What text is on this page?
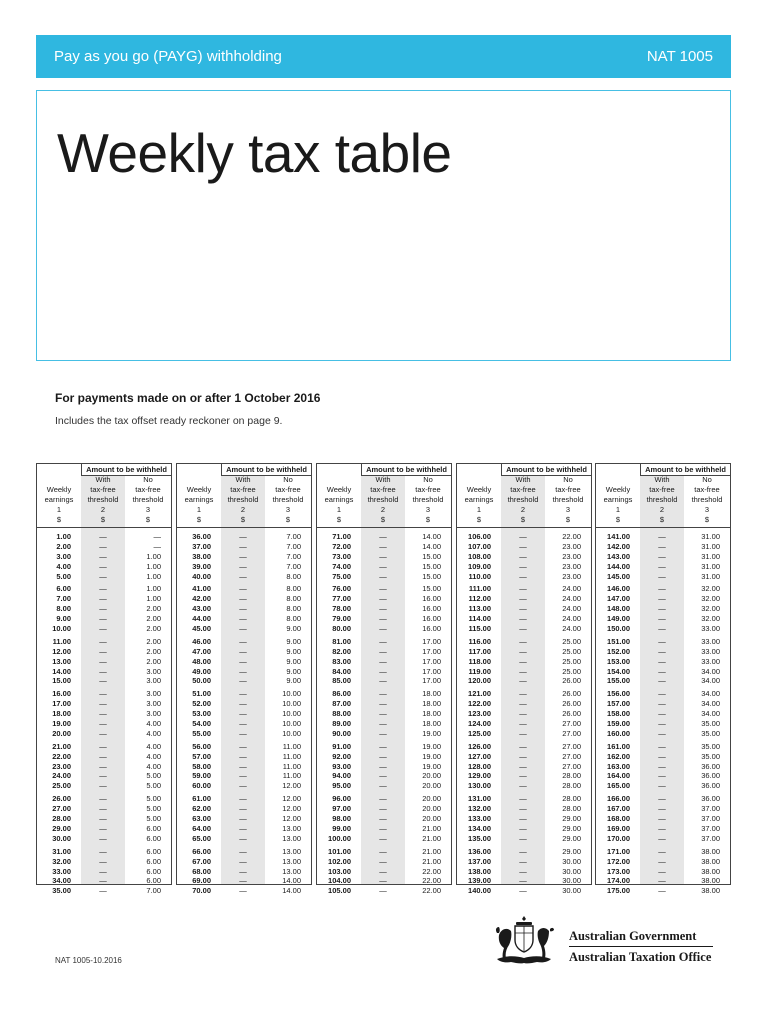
Pay as you go (PAYG) withholding	NAT 1005
Weekly tax table
For payments made on or after 1 October 2016
Includes the tax offset ready reckoner on page 9.
Amount to be withheld
Weekly
earnings
1
$
With
tax-free
threshold
2
$
No
tax-free
threshold
3
$
1.00	—	—
2.00	—	—
3.00	—	1.00
4.00	—	1.00
5.00	—	1.00
6.00	—	1.00
7.00	—	1.00
8.00	—	2.00
9.00	—	2.00
10.00	—	2.00
11.00	—	2.00
12.00	—	2.00
13.00	—	2.00
14.00	—	3.00
15.00	—	3.00
16.00	—	3.00
17.00	—	3.00
18.00	—	3.00
19.00	—	4.00
20.00	—	4.00
21.00	—	4.00
22.00	—	4.00
23.00	—	4.00
24.00	—	5.00
25.00	—	5.00
26.00	—	5.00
27.00	—	5.00
28.00	—	5.00
29.00	—	6.00
30.00	—	6.00
31.00	—	6.00
32.00	—	6.00
33.00	—	6.00
34.00	—	6.00
35.00	—	7.00
Amount to be withheld
Weekly
earnings
1
$
With
tax-free
threshold
2
$
No
tax-free
threshold
3
$
36.00	—	7.00
37.00	—	7.00
38.00	—	7.00
39.00	—	7.00
40.00	—	8.00
41.00	—	8.00
42.00	—	8.00
43.00	—	8.00
44.00	—	8.00
45.00	—	9.00
46.00	—	9.00
47.00	—	9.00
48.00	—	9.00
49.00	—	9.00
50.00	—	9.00
51.00	—	10.00
52.00	—	10.00
53.00	—	10.00
54.00	—	10.00
55.00	—	10.00
56.00	—	11.00
57.00	—	11.00
58.00	—	11.00
59.00	—	11.00
60.00	—	12.00
61.00	—	12.00
62.00	—	12.00
63.00	—	12.00
64.00	—	13.00
65.00	—	13.00
66.00	—	13.00
67.00	—	13.00
68.00	—	13.00
69.00	—	14.00
70.00	—	14.00
Amount to be withheld
Weekly
earnings
1
$
With
tax-free
threshold
2
$
No
tax-free
threshold
3
$
71.00	—	14.00
72.00	—	14.00
73.00	—	15.00
74.00	—	15.00
75.00	—	15.00
76.00	—	15.00
77.00	—	16.00
78.00	—	16.00
79.00	—	16.00
80.00	—	16.00
81.00	—	17.00
82.00	—	17.00
83.00	—	17.00
84.00	—	17.00
85.00	—	17.00
86.00	—	18.00
87.00	—	18.00
88.00	—	18.00
89.00	—	18.00
90.00	—	19.00
91.00	—	19.00
92.00	—	19.00
93.00	—	19.00
94.00	—	20.00
95.00	—	20.00
96.00	—	20.00
97.00	—	20.00
98.00	—	20.00
99.00	—	21.00
100.00	—	21.00
101.00	—	21.00
102.00	—	21.00
103.00	—	22.00
104.00	—	22.00
105.00	—	22.00
Amount to be withheld
Weekly
earnings
1
$
With
tax-free
threshold
2
$
No
tax-free
threshold
3
$
106.00	—	22.00
107.00	—	23.00
108.00	—	23.00
109.00	—	23.00
110.00	—	23.00
111.00	—	24.00
112.00	—	24.00
113.00	—	24.00
114.00	—	24.00
115.00	—	24.00
116.00	—	25.00
117.00	—	25.00
118.00	—	25.00
119.00	—	25.00
120.00	—	26.00
121.00	—	26.00
122.00	—	26.00
123.00	—	26.00
124.00	—	27.00
125.00	—	27.00
126.00	—	27.00
127.00	—	27.00
128.00	—	27.00
129.00	—	28.00
130.00	—	28.00
131.00	—	28.00
132.00	—	28.00
133.00	—	29.00
134.00	—	29.00
135.00	—	29.00
136.00	—	29.00
137.00	—	30.00
138.00	—	30.00
139.00	—	30.00
140.00	—	30.00
Amount to be withheld
Weekly
earnings
1
$
With
tax-free
threshold
2
$
No
tax-free
threshold
3
$
141.00	—	31.00
142.00	—	31.00
143.00	—	31.00
144.00	—	31.00
145.00	—	31.00
146.00	—	32.00
147.00	—	32.00
148.00	—	32.00
149.00	—	32.00
150.00	—	33.00
151.00	—	33.00
152.00	—	33.00
153.00	—	33.00
154.00	—	34.00
155.00	—	34.00
156.00	—	34.00
157.00	—	34.00
158.00	—	34.00
159.00	—	35.00
160.00	—	35.00
161.00	—	35.00
162.00	—	35.00
163.00	—	36.00
164.00	—	36.00
165.00	—	36.00
166.00	—	36.00
167.00	—	37.00
168.00	—	37.00
169.00	—	37.00
170.00	—	37.00
171.00	—	38.00
172.00	—	38.00
173.00	—	38.00
174.00	—	38.00
175.00	—	38.00
NAT 1005-10.2016
Australian Government
Australian Taxation Office
